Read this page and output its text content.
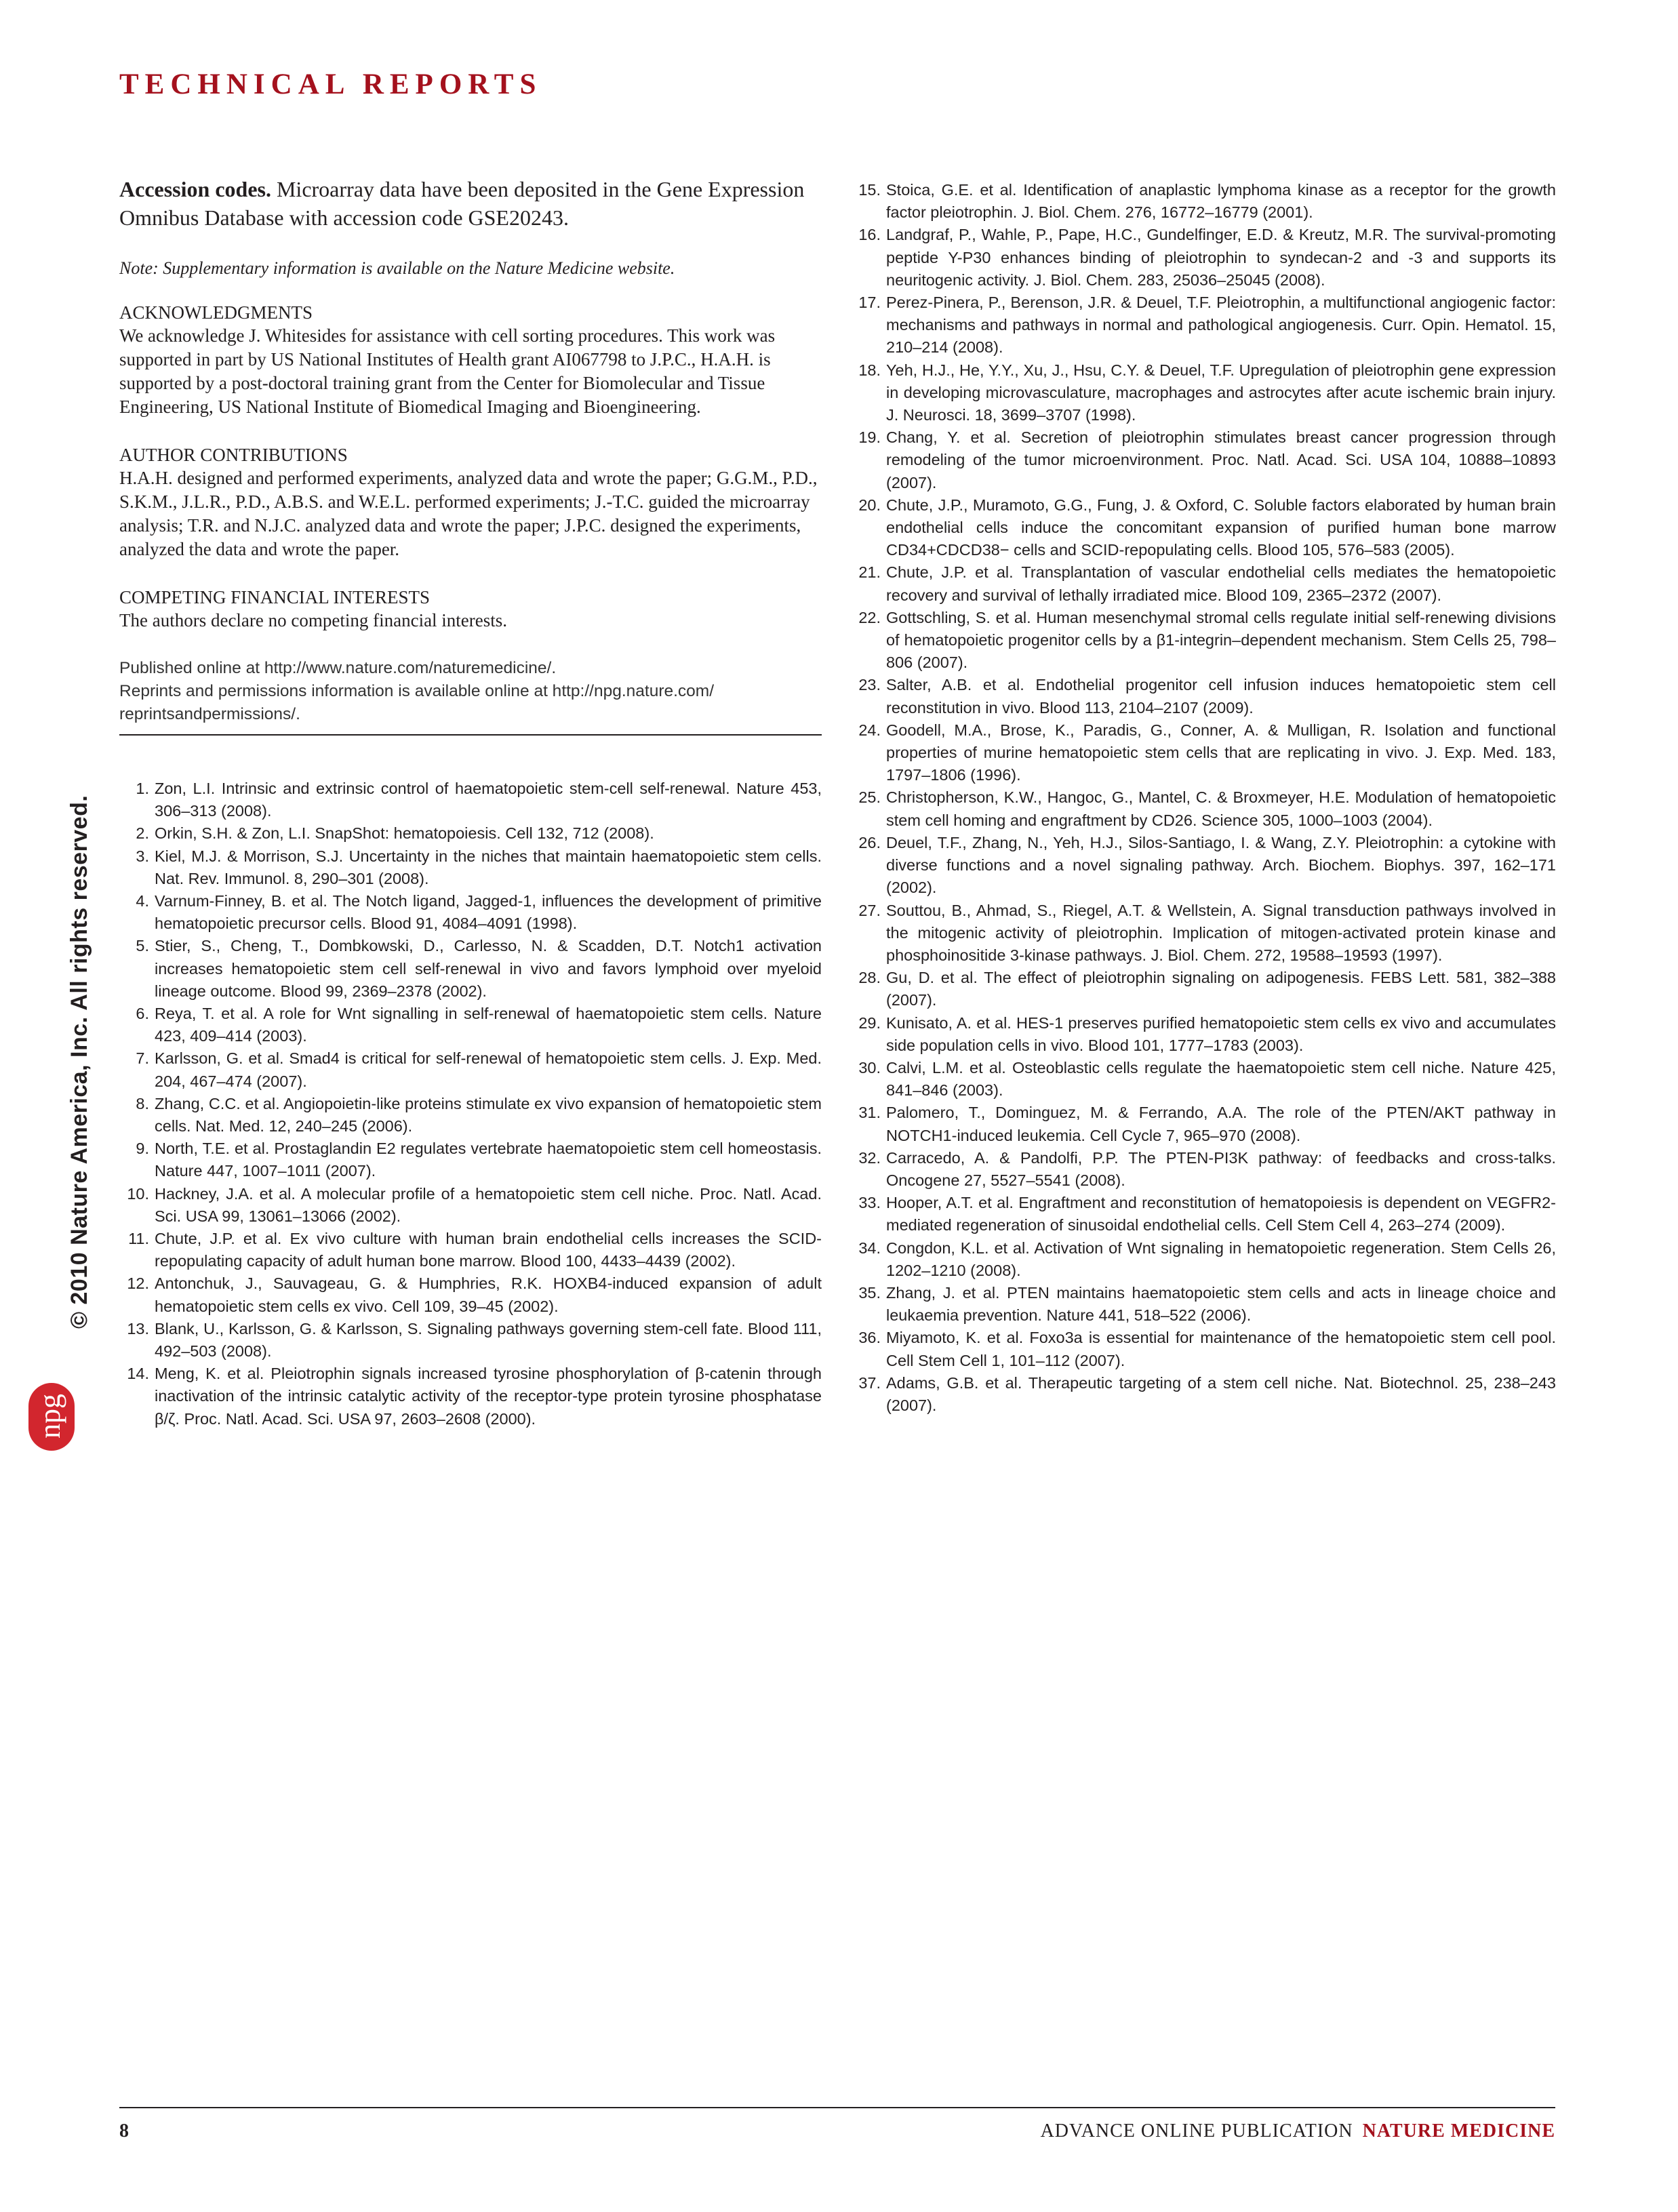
TECHNICAL REPORTS
© 2010 Nature America, Inc. All rights reserved.
npg

Accession codes. Microarray data have been deposited in the Gene Expression Omnibus Database with accession code GSE20243.

Note: Supplementary information is available on the Nature Medicine website.

ACKNOWLEDGMENTS

We acknowledge J. Whitesides for assistance with cell sorting procedures. This work was supported in part by US National Institutes of Health grant AI067798 to J.P.C., H.A.H. is supported by a post-doctoral training grant from the Center for Biomolecular and Tissue Engineering, US National Institute of Biomedical Imaging and Bioengineering.

AUTHOR CONTRIBUTIONS

H.A.H. designed and performed experiments, analyzed data and wrote the paper; G.G.M., P.D., S.K.M., J.L.R., P.D., A.B.S. and W.E.L. performed experiments; J.-T.C. guided the microarray analysis; T.R. and N.J.C. analyzed data and wrote the paper; J.P.C. designed the experiments, analyzed the data and wrote the paper.

COMPETING FINANCIAL INTERESTS

The authors declare no competing financial interests.

Published online at http://www.nature.com/naturemedicine/.
Reprints and permissions information is available online at http://npg.nature.com/ reprintsandpermissions/.
1. Zon, L.I. Intrinsic and extrinsic control of haematopoietic stem-cell self-renewal. Nature 453, 306–313 (2008).
2. Orkin, S.H. & Zon, L.I. SnapShot: hematopoiesis. Cell 132, 712 (2008).
3. Kiel, M.J. & Morrison, S.J. Uncertainty in the niches that maintain haematopoietic stem cells. Nat. Rev. Immunol. 8, 290–301 (2008).
4. Varnum-Finney, B. et al. The Notch ligand, Jagged-1, influences the development of primitive hematopoietic precursor cells. Blood 91, 4084–4091 (1998).
5. Stier, S., Cheng, T., Dombkowski, D., Carlesso, N. & Scadden, D.T. Notch1 activation increases hematopoietic stem cell self-renewal in vivo and favors lymphoid over myeloid lineage outcome. Blood 99, 2369–2378 (2002).
6. Reya, T. et al. A role for Wnt signalling in self-renewal of haematopoietic stem cells. Nature 423, 409–414 (2003).
7. Karlsson, G. et al. Smad4 is critical for self-renewal of hematopoietic stem cells. J. Exp. Med. 204, 467–474 (2007).
8. Zhang, C.C. et al. Angiopoietin-like proteins stimulate ex vivo expansion of hematopoietic stem cells. Nat. Med. 12, 240–245 (2006).
9. North, T.E. et al. Prostaglandin E2 regulates vertebrate haematopoietic stem cell homeostasis. Nature 447, 1007–1011 (2007).
10. Hackney, J.A. et al. A molecular profile of a hematopoietic stem cell niche. Proc. Natl. Acad. Sci. USA 99, 13061–13066 (2002).
11. Chute, J.P. et al. Ex vivo culture with human brain endothelial cells increases the SCID-repopulating capacity of adult human bone marrow. Blood 100, 4433–4439 (2002).
12. Antonchuk, J., Sauvageau, G. & Humphries, R.K. HOXB4-induced expansion of adult hematopoietic stem cells ex vivo. Cell 109, 39–45 (2002).
13. Blank, U., Karlsson, G. & Karlsson, S. Signaling pathways governing stem-cell fate. Blood 111, 492–503 (2008).
14. Meng, K. et al. Pleiotrophin signals increased tyrosine phosphorylation of β-catenin through inactivation of the intrinsic catalytic activity of the receptor-type protein tyrosine phosphatase β/ζ. Proc. Natl. Acad. Sci. USA 97, 2603–2608 (2000).
15. Stoica, G.E. et al. Identification of anaplastic lymphoma kinase as a receptor for the growth factor pleiotrophin. J. Biol. Chem. 276, 16772–16779 (2001).
16. Landgraf, P., Wahle, P., Pape, H.C., Gundelfinger, E.D. & Kreutz, M.R. The survival-promoting peptide Y-P30 enhances binding of pleiotrophin to syndecan-2 and -3 and supports its neuritogenic activity. J. Biol. Chem. 283, 25036–25045 (2008).
17. Perez-Pinera, P., Berenson, J.R. & Deuel, T.F. Pleiotrophin, a multifunctional angiogenic factor: mechanisms and pathways in normal and pathological angiogenesis. Curr. Opin. Hematol. 15, 210–214 (2008).
18. Yeh, H.J., He, Y.Y., Xu, J., Hsu, C.Y. & Deuel, T.F. Upregulation of pleiotrophin gene expression in developing microvasculature, macrophages and astrocytes after acute ischemic brain injury. J. Neurosci. 18, 3699–3707 (1998).
19. Chang, Y. et al. Secretion of pleiotrophin stimulates breast cancer progression through remodeling of the tumor microenvironment. Proc. Natl. Acad. Sci. USA 104, 10888–10893 (2007).
20. Chute, J.P., Muramoto, G.G., Fung, J. & Oxford, C. Soluble factors elaborated by human brain endothelial cells induce the concomitant expansion of purified human bone marrow CD34+CDCD38− cells and SCID-repopulating cells. Blood 105, 576–583 (2005).
21. Chute, J.P. et al. Transplantation of vascular endothelial cells mediates the hematopoietic recovery and survival of lethally irradiated mice. Blood 109, 2365–2372 (2007).
22. Gottschling, S. et al. Human mesenchymal stromal cells regulate initial self-renewing divisions of hematopoietic progenitor cells by a β1-integrin–dependent mechanism. Stem Cells 25, 798–806 (2007).
23. Salter, A.B. et al. Endothelial progenitor cell infusion induces hematopoietic stem cell reconstitution in vivo. Blood 113, 2104–2107 (2009).
24. Goodell, M.A., Brose, K., Paradis, G., Conner, A. & Mulligan, R. Isolation and functional properties of murine hematopoietic stem cells that are replicating in vivo. J. Exp. Med. 183, 1797–1806 (1996).
25. Christopherson, K.W., Hangoc, G., Mantel, C. & Broxmeyer, H.E. Modulation of hematopoietic stem cell homing and engraftment by CD26. Science 305, 1000–1003 (2004).
26. Deuel, T.F., Zhang, N., Yeh, H.J., Silos-Santiago, I. & Wang, Z.Y. Pleiotrophin: a cytokine with diverse functions and a novel signaling pathway. Arch. Biochem. Biophys. 397, 162–171 (2002).
27. Souttou, B., Ahmad, S., Riegel, A.T. & Wellstein, A. Signal transduction pathways involved in the mitogenic activity of pleiotrophin. Implication of mitogen-activated protein kinase and phosphoinositide 3-kinase pathways. J. Biol. Chem. 272, 19588–19593 (1997).
28. Gu, D. et al. The effect of pleiotrophin signaling on adipogenesis. FEBS Lett. 581, 382–388 (2007).
29. Kunisato, A. et al. HES-1 preserves purified hematopoietic stem cells ex vivo and accumulates side population cells in vivo. Blood 101, 1777–1783 (2003).
30. Calvi, L.M. et al. Osteoblastic cells regulate the haematopoietic stem cell niche. Nature 425, 841–846 (2003).
31. Palomero, T., Dominguez, M. & Ferrando, A.A. The role of the PTEN/AKT pathway in NOTCH1-induced leukemia. Cell Cycle 7, 965–970 (2008).
32. Carracedo, A. & Pandolfi, P.P. The PTEN-PI3K pathway: of feedbacks and cross-talks. Oncogene 27, 5527–5541 (2008).
33. Hooper, A.T. et al. Engraftment and reconstitution of hematopoiesis is dependent on VEGFR2-mediated regeneration of sinusoidal endothelial cells. Cell Stem Cell 4, 263–274 (2009).
34. Congdon, K.L. et al. Activation of Wnt signaling in hematopoietic regeneration. Stem Cells 26, 1202–1210 (2008).
35. Zhang, J. et al. PTEN maintains haematopoietic stem cells and acts in lineage choice and leukaemia prevention. Nature 441, 518–522 (2006).
36. Miyamoto, K. et al. Foxo3a is essential for maintenance of the hematopoietic stem cell pool. Cell Stem Cell 1, 101–112 (2007).
37. Adams, G.B. et al. Therapeutic targeting of a stem cell niche. Nat. Biotechnol. 25, 238–243 (2007).
8	ADVANCE ONLINE PUBLICATION NATURE MEDICINE
